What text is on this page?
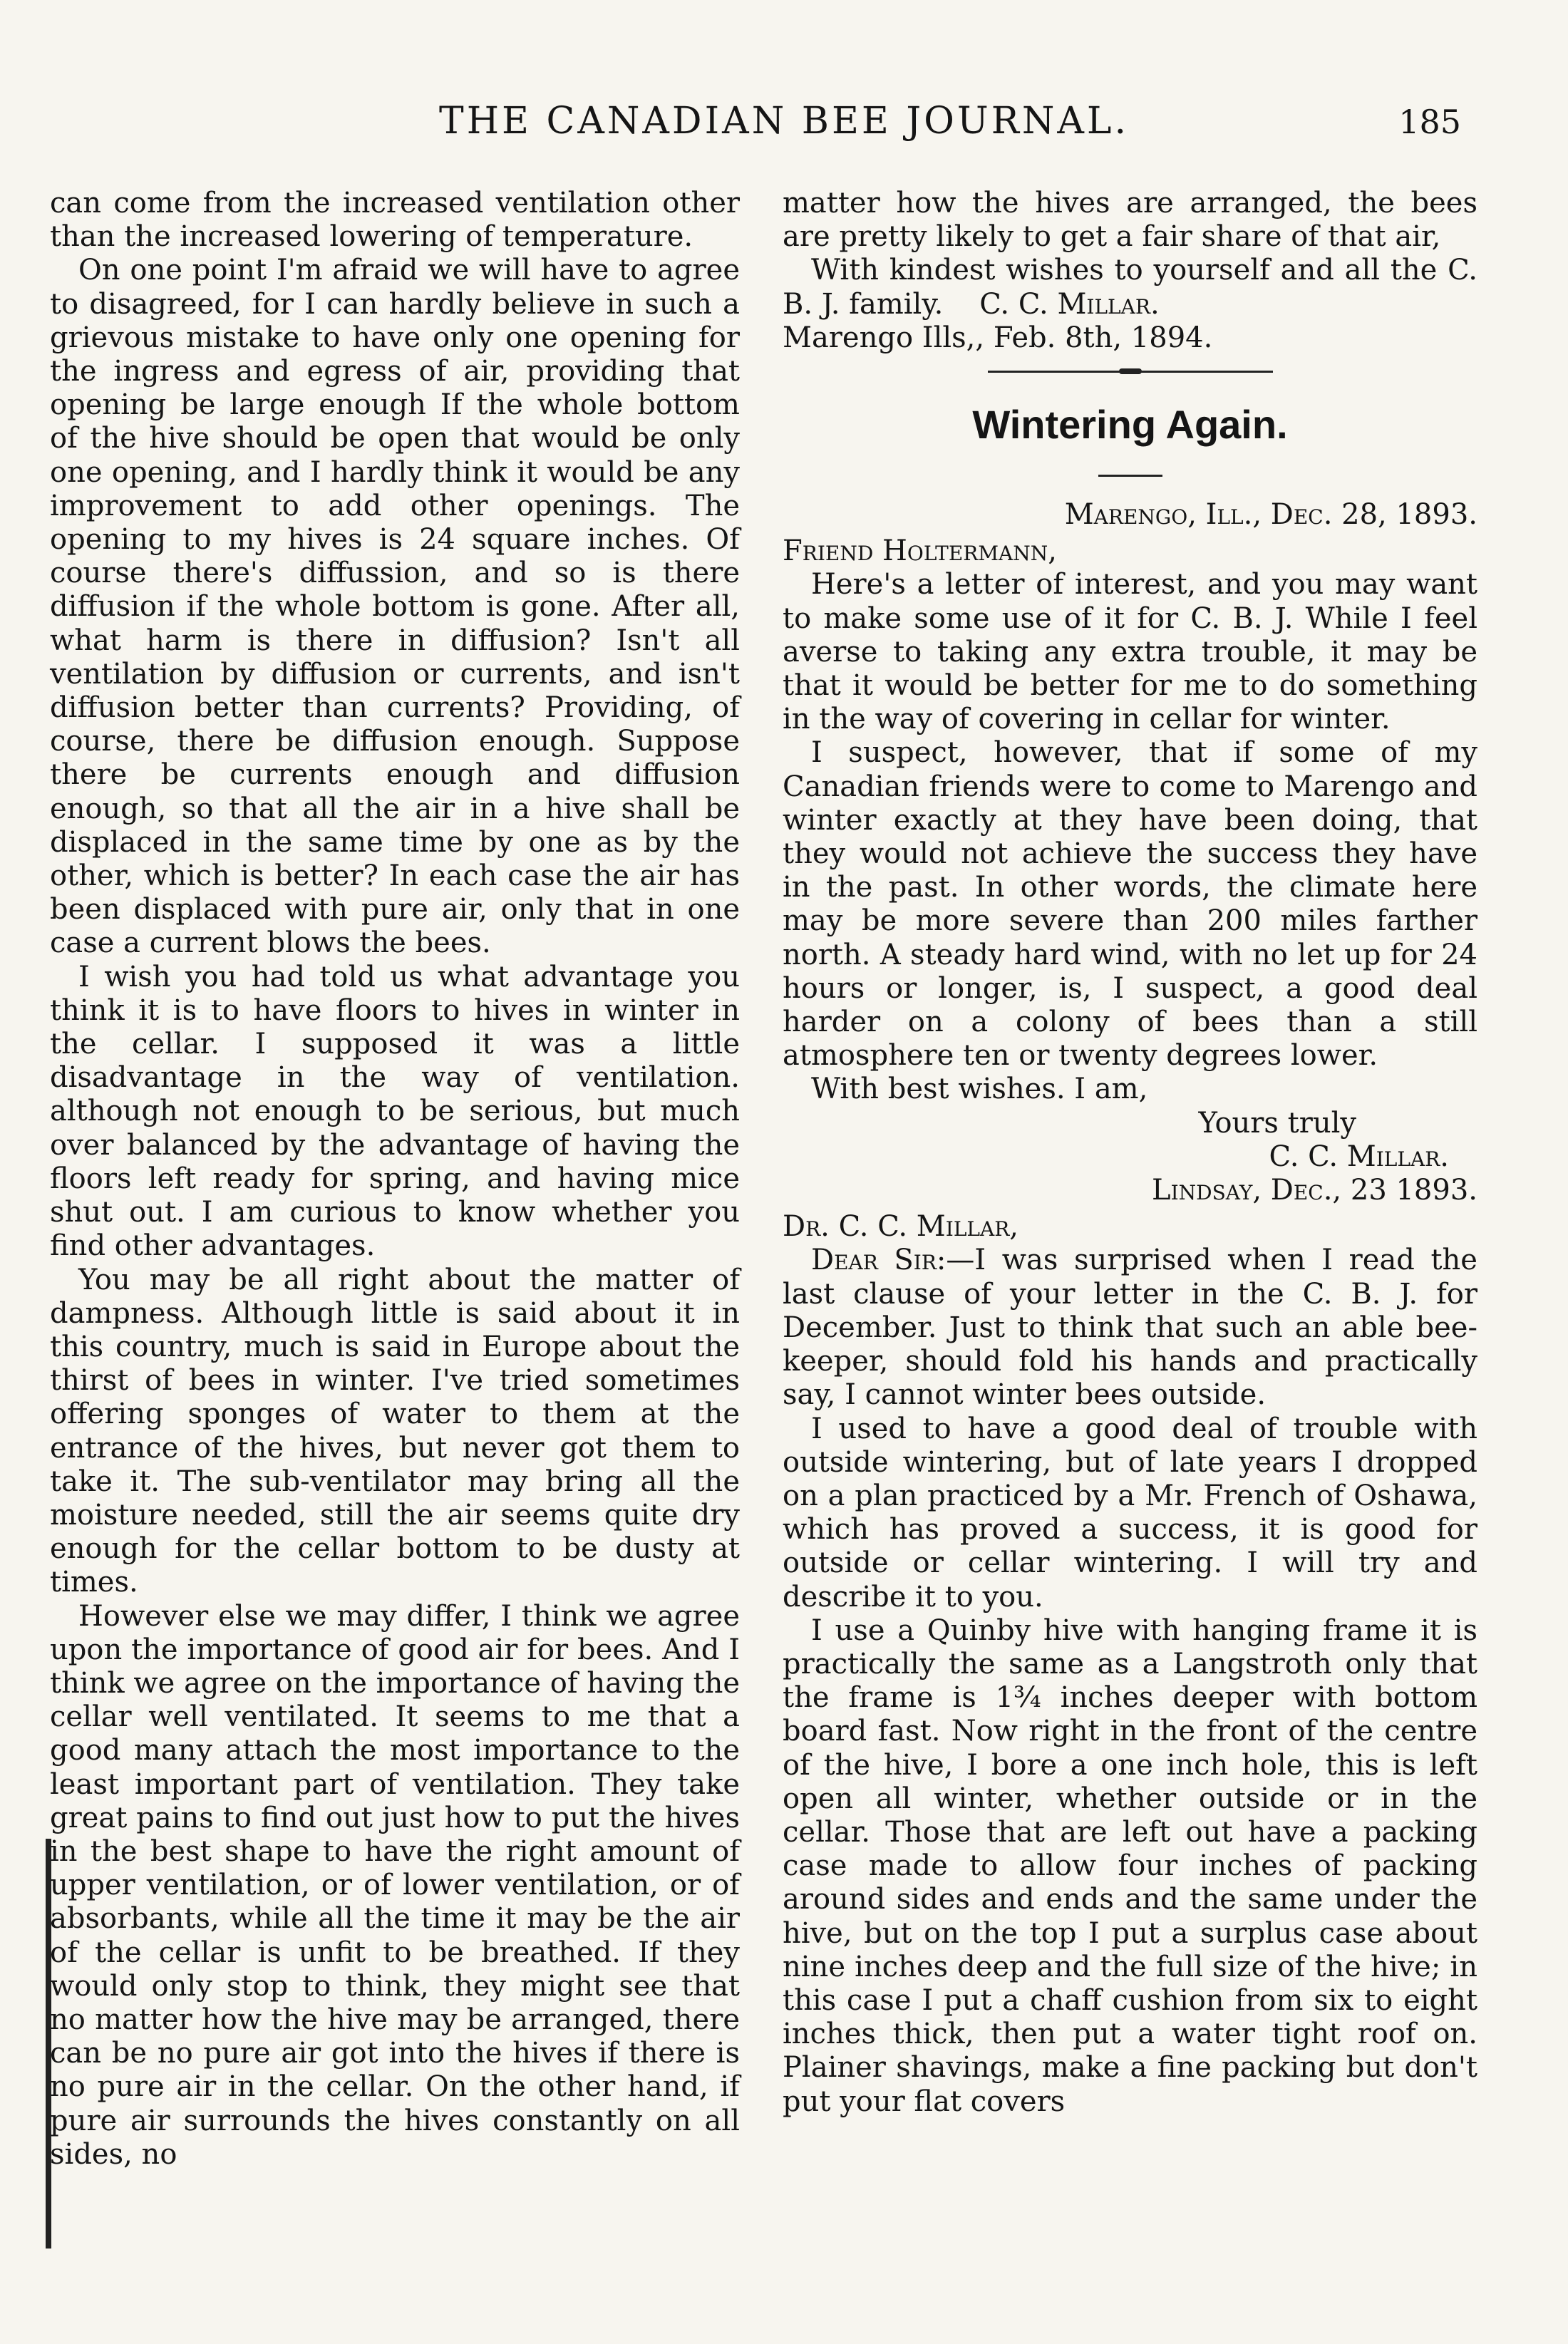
THE CANADIAN BEE JOURNAL.	185

can come from the increased ventilation other than the increased lowering of temperature.

On one point I'm afraid we will have to agree to disagreed, for I can hardly believe in such a grievous mistake to have only one opening for the ingress and egress of air, providing that opening be large enough If the whole bottom of the hive should be open that would be only one opening, and I hardly think it would be any improvement to add other openings. The opening to my hives is 24 square inches. Of course there's diffussion, and so is there diffusion if the whole bottom is gone. After all, what harm is there in diffusion? Isn't all ventilation by diffusion or currents, and isn't diffusion better than currents? Providing, of course, there be diffusion enough. Suppose there be currents enough and diffusion enough, so that all the air in a hive shall be displaced in the same time by one as by the other, which is better? In each case the air has been displaced with pure air, only that in one case a current blows the bees.

I wish you had told us what advantage you think it is to have floors to hives in winter in the cellar. I supposed it was a little disadvantage in the way of ventilation. although not enough to be serious, but much over balanced by the advantage of having the floors left ready for spring, and having mice shut out. I am curious to know whether you find other advantages.

You may be all right about the matter of dampness. Although little is said about it in this country, much is said in Europe about the thirst of bees in winter. I've tried sometimes offering sponges of water to them at the entrance of the hives, but never got them to take it. The sub-ventilator may bring all the moisture needed, still the air seems quite dry enough for the cellar bottom to be dusty at times.

However else we may differ, I think we agree upon the importance of good air for bees. And I think we agree on the importance of having the cellar well ventilated. It seems to me that a good many attach the most importance to the least important part of ventilation. They take great pains to find out just how to put the hives in the best shape to have the right amount of upper ventilation, or of lower ventilation, or of absorbants, while all the time it may be the air of the cellar is unfit to be breathed. If they would only stop to think, they might see that no matter how the hive may be arranged, there can be no pure air got into the hives if there is no pure air in the cellar. On the other hand, if pure air surrounds the hives constantly on all sides, no

matter how the hives are arranged, the bees are pretty likely to get a fair share of that air,

With kindest wishes to yourself and all the C. B. J. family. C. C. Millar.

Marengo Ills,, Feb. 8th, 1894.

Wintering Again.

Marengo, Ill., Dec. 28, 1893.

Friend Holtermann,

Here's a letter of interest, and you may want to make some use of it for C. B. J. While I feel averse to taking any extra trouble, it may be that it would be better for me to do something in the way of covering in cellar for winter.

I suspect, however, that if some of my Canadian friends were to come to Marengo and winter exactly at they have been doing, that they would not achieve the success they have in the past. In other words, the climate here may be more severe than 200 miles farther north. A steady hard wind, with no let up for 24 hours or longer, is, I suspect, a good deal harder on a colony of bees than a still atmosphere ten or twenty degrees lower.

With best wishes. I am,

Yours truly

C. C. Millar.

Lindsay, Dec., 23 1893.

Dr. C. C. Millar,

Dear Sir:—I was surprised when I read the last clause of your letter in the C. B. J. for December. Just to think that such an able bee-keeper, should fold his hands and practically say, I cannot winter bees outside.

I used to have a good deal of trouble with outside wintering, but of late years I dropped on a plan practiced by a Mr. French of Oshawa, which has proved a success, it is good for outside or cellar wintering. I will try and describe it to you.

I use a Quinby hive with hanging frame it is practically the same as a Langstroth only that the frame is 1¾ inches deeper with bottom board fast. Now right in the front of the centre of the hive, I bore a one inch hole, this is left open all winter, whether outside or in the cellar. Those that are left out have a packing case made to allow four inches of packing around sides and ends and the same under the hive, but on the top I put a surplus case about nine inches deep and the full size of the hive; in this case I put a chaff cushion from six to eight inches thick, then put a water tight roof on. Plainer shavings, make a fine packing but don't put your flat covers
